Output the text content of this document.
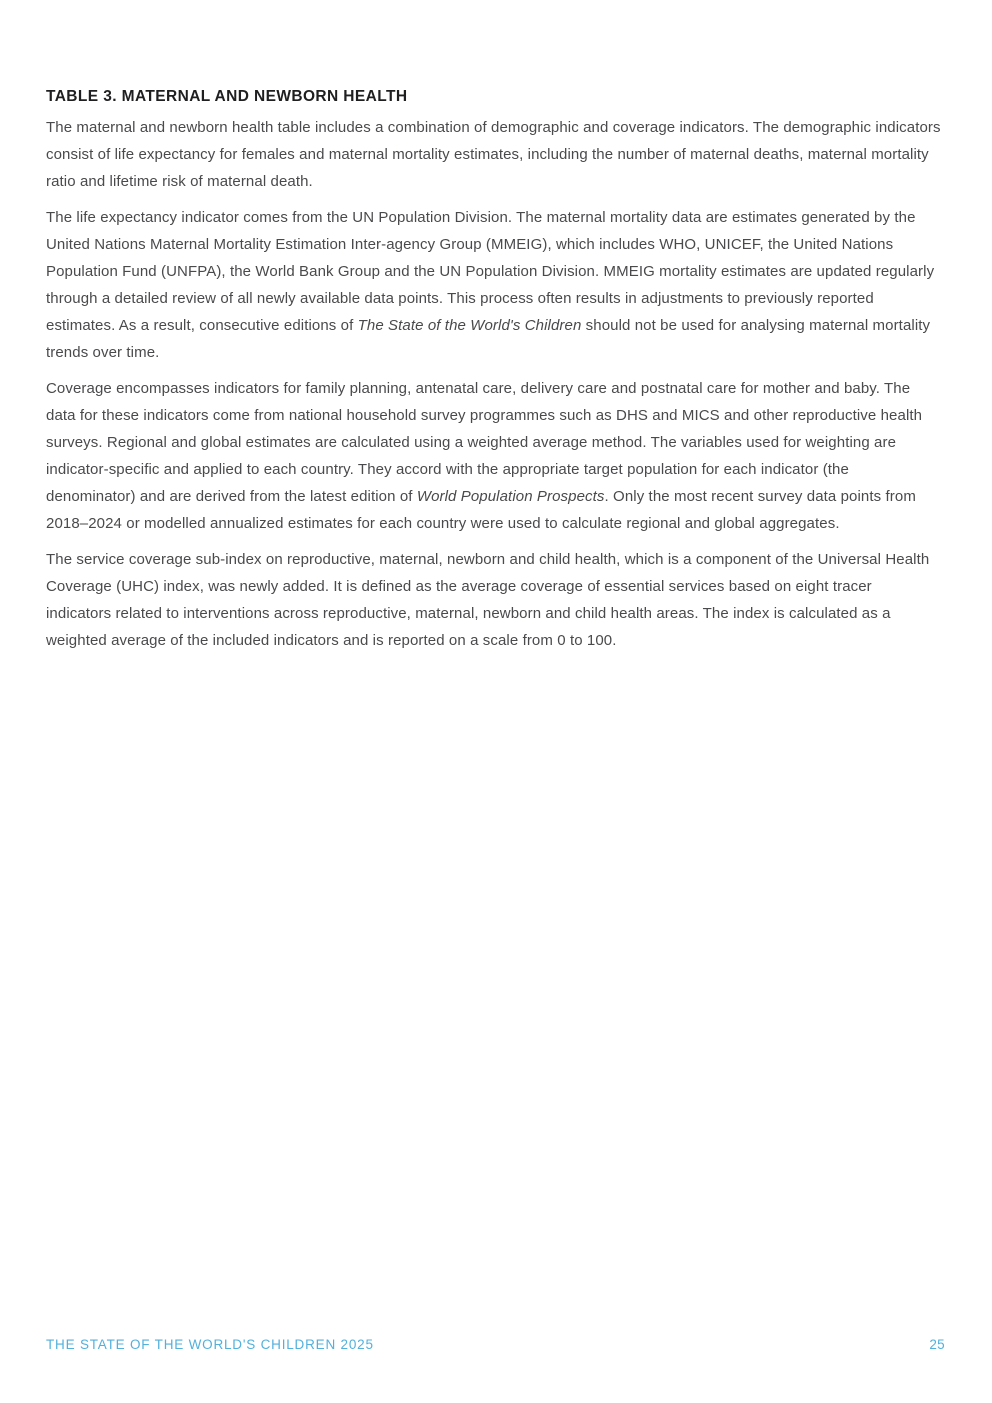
TABLE 3. MATERNAL AND NEWBORN HEALTH

The maternal and newborn health table includes a combination of demographic and coverage indicators. The demographic indicators consist of life expectancy for females and maternal mortality estimates, including the number of maternal deaths, maternal mortality ratio and lifetime risk of maternal death.

The life expectancy indicator comes from the UN Population Division. The maternal mortality data are estimates generated by the United Nations Maternal Mortality Estimation Inter-agency Group (MMEIG), which includes WHO, UNICEF, the United Nations Population Fund (UNFPA), the World Bank Group and the UN Population Division. MMEIG mortality estimates are updated regularly through a detailed review of all newly available data points. This process often results in adjustments to previously reported estimates. As a result, consecutive editions of The State of the World's Children should not be used for analysing maternal mortality trends over time.

Coverage encompasses indicators for family planning, antenatal care, delivery care and postnatal care for mother and baby. The data for these indicators come from national household survey programmes such as DHS and MICS and other reproductive health surveys. Regional and global estimates are calculated using a weighted average method. The variables used for weighting are indicator-specific and applied to each country. They accord with the appropriate target population for each indicator (the denominator) and are derived from the latest edition of World Population Prospects. Only the most recent survey data points from 2018–2024 or modelled annualized estimates for each country were used to calculate regional and global aggregates.

The service coverage sub-index on reproductive, maternal, newborn and child health, which is a component of the Universal Health Coverage (UHC) index, was newly added. It is defined as the average coverage of essential services based on eight tracer indicators related to interventions across reproductive, maternal, newborn and child health areas. The index is calculated as a weighted average of the included indicators and is reported on a scale from 0 to 100.

THE STATE OF THE WORLD'S CHILDREN 2025	25
